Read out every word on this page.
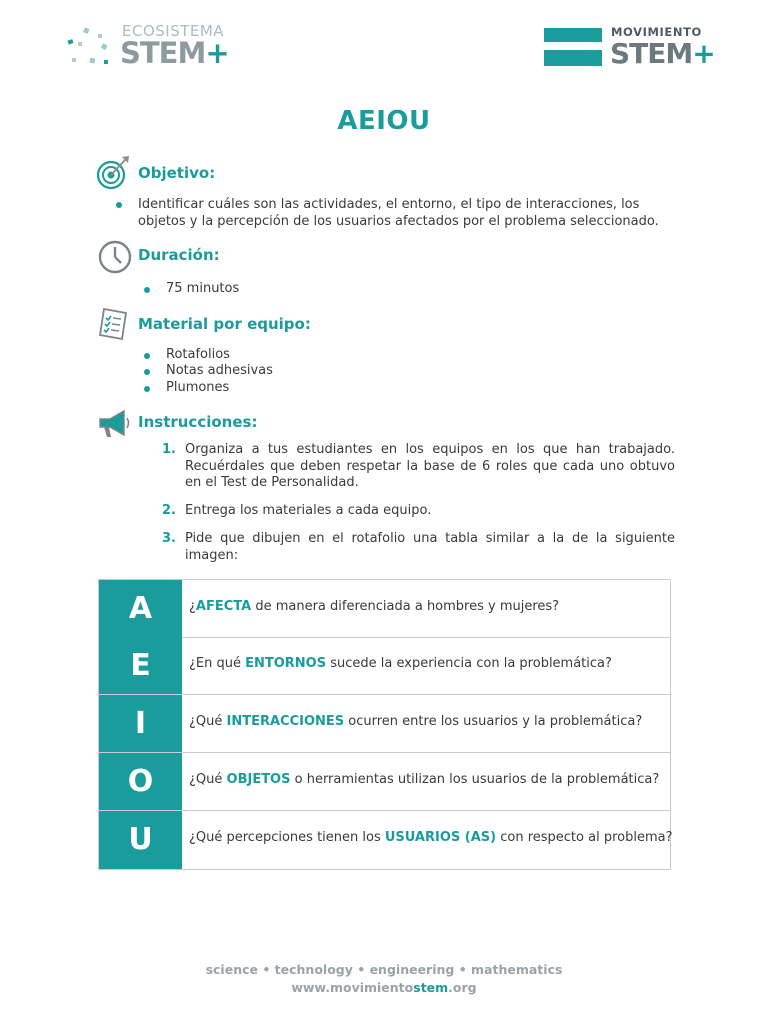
ECOSISTEMA
STEM+
MOVIMIENTO
STEM+
AEIOU
Objetivo:
Identificar cuáles son las actividades, el entorno, el tipo de interacciones, los objetos y la percepción de los usuarios afectados por el problema seleccionado.
Duración:
75 minutos
Material por equipo:
Rotafolios
Notas adhesivas
Plumones
Instrucciones:
1. Organiza a tus estudiantes en los equipos en los que han trabajado. Recuérdales que deben respetar la base de 6 roles que cada uno obtuvo en el Test de Personalidad.
2. Entrega los materiales a cada equipo.
3. Pide que dibujen en el rotafolio una tabla similar a la de la siguiente imagen:
A	¿AFECTA de manera diferenciada a hombres y mujeres?
E	¿En qué ENTORNOS sucede la experiencia con la problemática?
I	¿Qué INTERACCIONES ocurren entre los usuarios y la problemática?
O	¿Qué OBJETOS o herramientas utilizan los usuarios de la problemática?
U	¿Qué percepciones tienen los USUARIOS (AS) con respecto al problema?
science • technology • engineering • mathematics
www.movimientostem.org
